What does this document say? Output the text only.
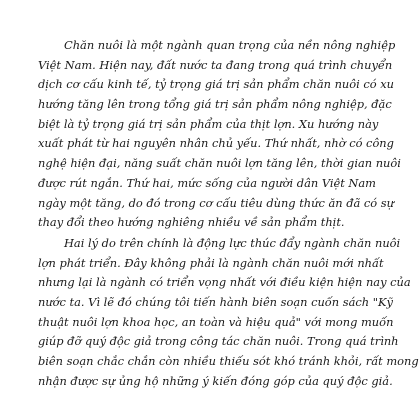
Chăn nuôi là một ngành quan trọng của nền nông nghiệp
Việt Nam. Hiện nay, đất nước ta đang trong quá trình chuyển
dịch cơ cấu kinh tế, tỷ trọng giá trị sản phẩm chăn nuôi có xu
hướng tăng lên trong tổng giá trị sản phẩm nông nghiệp, đặc
biệt là tỷ trọng giá trị sản phẩm của thịt lợn. Xu hướng này
xuất phát từ hai nguyên nhân chủ yếu. Thứ nhất, nhờ có công
nghệ hiện đại, năng suất chăn nuôi lợn tăng lên, thời gian nuôi
được rút ngắn. Thứ hai, mức sống của người dân Việt Nam
ngày một tăng, do đó trong cơ cấu tiêu dùng thức ăn đã có sự
thay đổi theo hướng nghiêng nhiều về sản phẩm thịt.
Hai lý do trên chính là động lực thúc đẩy ngành chăn nuôi
lợn phát triển. Đây không phải là ngành chăn nuôi mới nhất
nhưng lại là ngành có triển vọng nhất với điều kiện hiện nay của
nước ta. Vì lẽ đó chúng tôi tiến hành biên soạn cuốn sách "Kỹ
thuật nuôi lợn khoa học, an toàn và hiệu quả" với mong muốn
giúp đỡ quý độc giả trong công tác chăn nuôi. Trong quá trình
biên soạn chắc chắn còn nhiều thiếu sót khó tránh khỏi, rất mong
nhận được sự ủng hộ những ý kiến đóng góp của quý độc giả.
